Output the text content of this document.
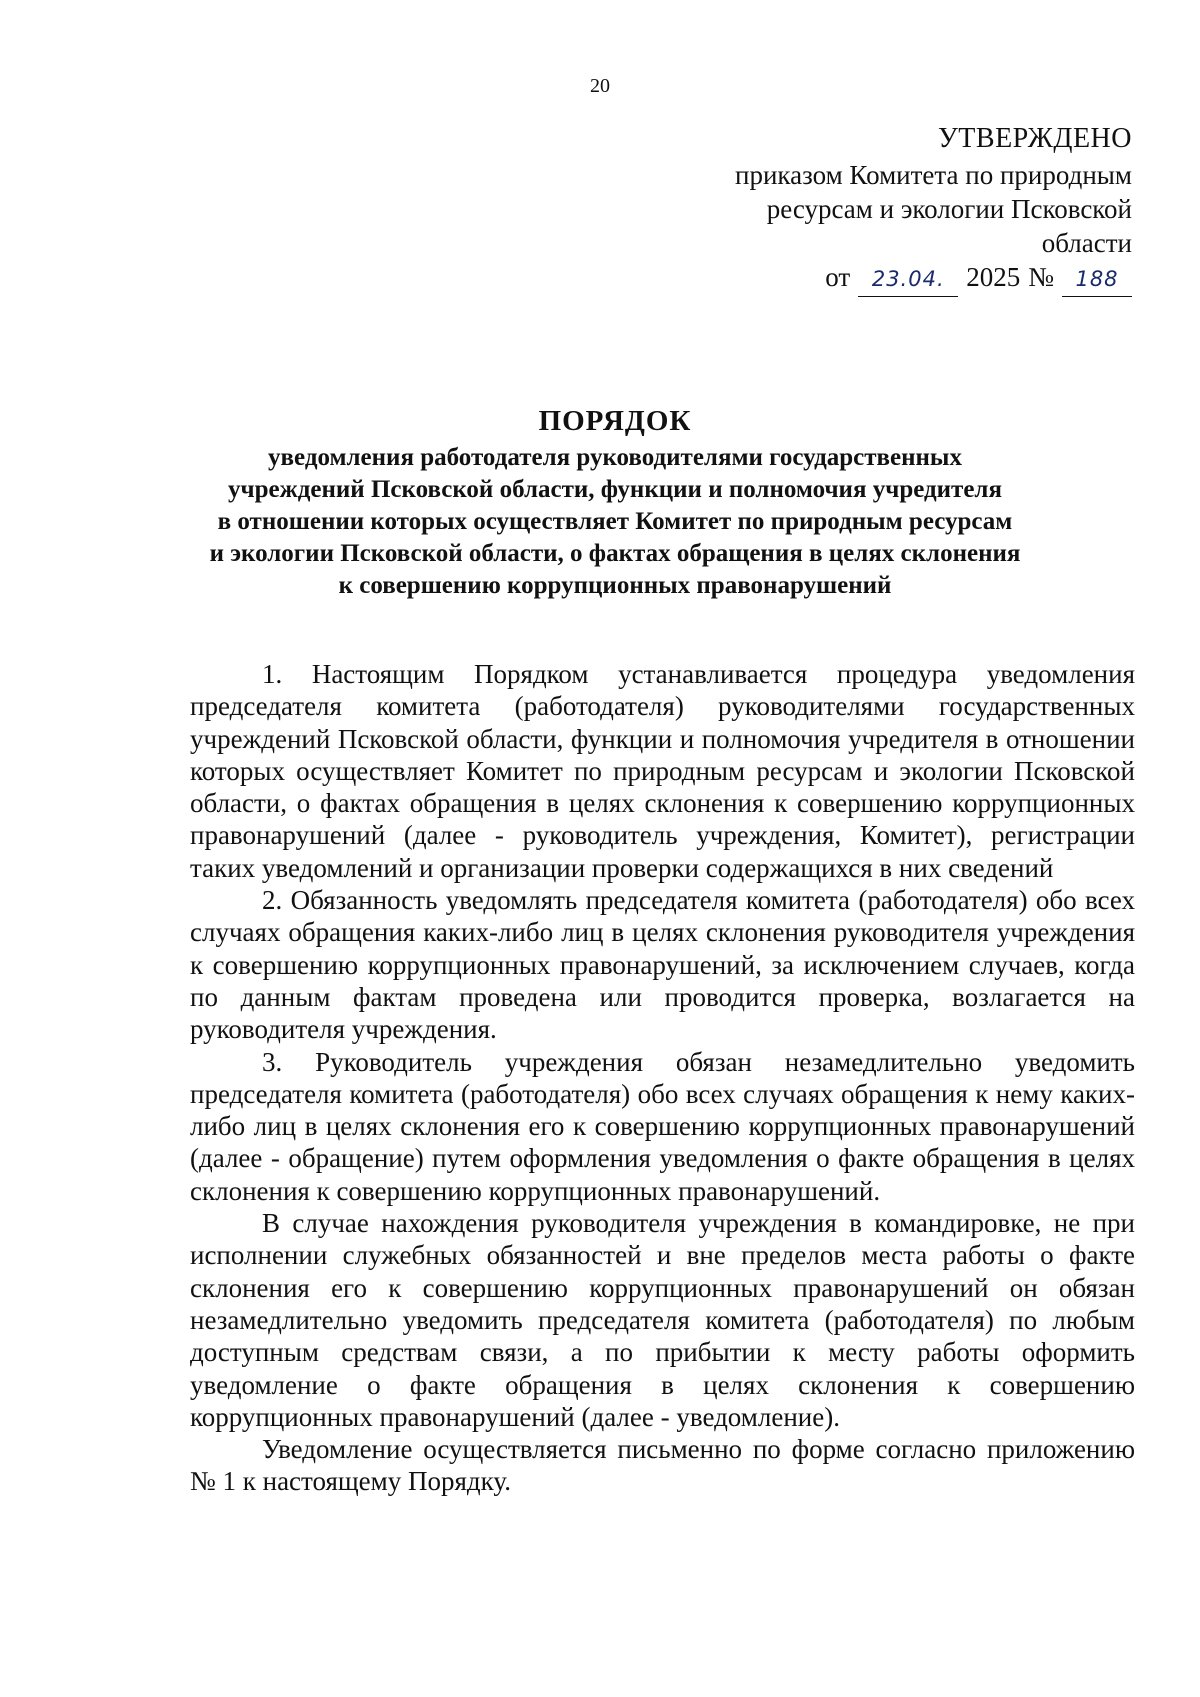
20
УТВЕРЖДЕНО
приказом Комитета по природным
ресурсам и экологии Псковской
области
от	23.04. 2025 №	188
ПОРЯДОК
уведомления работодателя руководителями государственных
учреждений Псковской области, функции и полномочия учредителя
в отношении которых осуществляет Комитет по природным ресурсам
и экологии Псковской области, о фактах обращения в целях склонения
к совершению коррупционных правонарушений

1. Настоящим Порядком устанавливается процедура уведомления председателя комитета (работодателя) руководителями государственных учреждений Псковской области, функции и полномочия учредителя в отношении которых осуществляет Комитет по природным ресурсам и экологии Псковской области, о фактах обращения в целях склонения к совершению коррупционных правонарушений (далее - руководитель учреждения, Комитет), регистрации таких уведомлений и организации проверки содержащихся в них сведений

2. Обязанность уведомлять председателя комитета (работодателя) обо всех случаях обращения каких-либо лиц в целях склонения руководителя учреждения к совершению коррупционных правонарушений, за исключением случаев, когда по данным фактам проведена или проводится проверка, возлагается на руководителя учреждения.

3. Руководитель учреждения обязан незамедлительно уведомить председателя комитета (работодателя) обо всех случаях обращения к нему каких-либо лиц в целях склонения его к совершению коррупционных правонарушений (далее - обращение) путем оформления уведомления о факте обращения в целях склонения к совершению коррупционных правонарушений.

В случае нахождения руководителя учреждения в командировке, не при исполнении служебных обязанностей и вне пределов места работы о факте склонения его к совершению коррупционных правонарушений он обязан незамедлительно уведомить председателя комитета (работодателя) по любым доступным средствам связи, а по прибытии к месту работы оформить уведомление о факте обращения в целях склонения к совершению коррупционных правонарушений (далее - уведомление).

Уведомление осуществляется письменно по форме согласно приложению № 1 к настоящему Порядку.
